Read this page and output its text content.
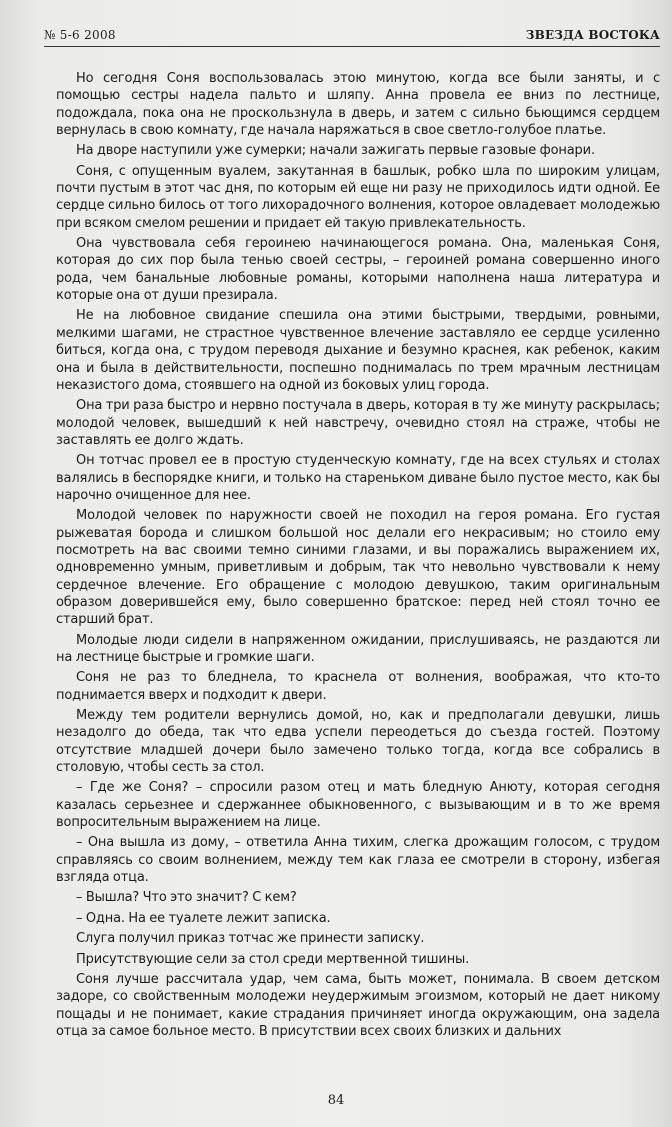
№ 5-6 2008	ЗВЕЗДА ВОСТОКА

Но сегодня Соня воспользовалась этою минутою, когда все были заняты, и с помощью сестры надела пальто и шляпу. Анна провела ее вниз по лестнице, подождала, пока она не проскользнула в дверь, и затем с сильно бьющимся сердцем вернулась в свою комнату, где начала наряжаться в свое светло-голубое платье.

На дворе наступили уже сумерки; начали зажигать первые газовые фонари.

Соня, с опущенным вуалем, закутанная в башлык, робко шла по широким улицам, почти пустым в этот час дня, по которым ей еще ни разу не приходилось идти одной. Ее сердце сильно билось от того лихорадочного волнения, которое овладевает молодежью при всяком смелом решении и придает ей такую привлекательность.

Она чувствовала себя героинею начинающегося романа. Она, маленькая Соня, которая до сих пор была тенью своей сестры, – героиней романа совершенно иного рода, чем банальные любовные романы, которыми наполнена наша литература и которые она от души презирала.

Не на любовное свидание спешила она этими быстрыми, твердыми, ровными, мелкими шагами, не страстное чувственное влечение заставляло ее сердце усиленно биться, когда она, с трудом переводя дыхание и безумно краснея, как ребенок, каким она и была в действительности, поспешно поднималась по трем мрачным лестницам неказистого дома, стоявшего на одной из боковых улиц города.

Она три раза быстро и нервно постучала в дверь, которая в ту же минуту раскрылась; молодой человек, вышедший к ней навстречу, очевидно стоял на страже, чтобы не заставлять ее долго ждать.

Он тотчас провел ее в простую студенческую комнату, где на всех стульях и столах валялись в беспорядке книги, и только на стареньком диване было пустое место, как бы нарочно очищенное для нее.

Молодой человек по наружности своей не походил на героя романа. Его густая рыжеватая борода и слишком большой нос делали его некрасивым; но стоило ему посмотреть на вас своими темно синими глазами, и вы поражались выражением их, одновременно умным, приветливым и добрым, так что невольно чувствовали к нему сердечное влечение. Его обращение с молодою девушкою, таким оригинальным образом доверившейся ему, было совершенно братское: перед ней стоял точно ее старший брат.

Молодые люди сидели в напряженном ожидании, прислушиваясь, не раздаются ли на лестнице быстрые и громкие шаги.

Соня не раз то бледнела, то краснела от волнения, воображая, что кто-то поднимается вверх и подходит к двери.

Между тем родители вернулись домой, но, как и предполагали девушки, лишь незадолго до обеда, так что едва успели переодеться до съезда гостей. Поэтому отсутствие младшей дочери было замечено только тогда, когда все собрались в столовую, чтобы сесть за стол.

– Где же Соня? – спросили разом отец и мать бледную Анюту, которая сегодня казалась серьезнее и сдержаннее обыкновенного, с вызывающим и в то же время вопросительным выражением на лице.

– Она вышла из дому, – ответила Анна тихим, слегка дрожащим голосом, с трудом справляясь со своим волнением, между тем как глаза ее смотрели в сторону, избегая взгляда отца.

– Вышла? Что это значит? С кем?

– Одна. На ее туалете лежит записка.

Слуга получил приказ тотчас же принести записку.

Присутствующие сели за стол среди мертвенной тишины.

Соня лучше рассчитала удар, чем сама, быть может, понимала. В своем детском задоре, со свойственным молодежи неудержимым эгоизмом, который не дает никому пощады и не понимает, какие страдания причиняет иногда окружающим, она задела отца за самое больное место. В присутствии всех своих близких и дальних

84
